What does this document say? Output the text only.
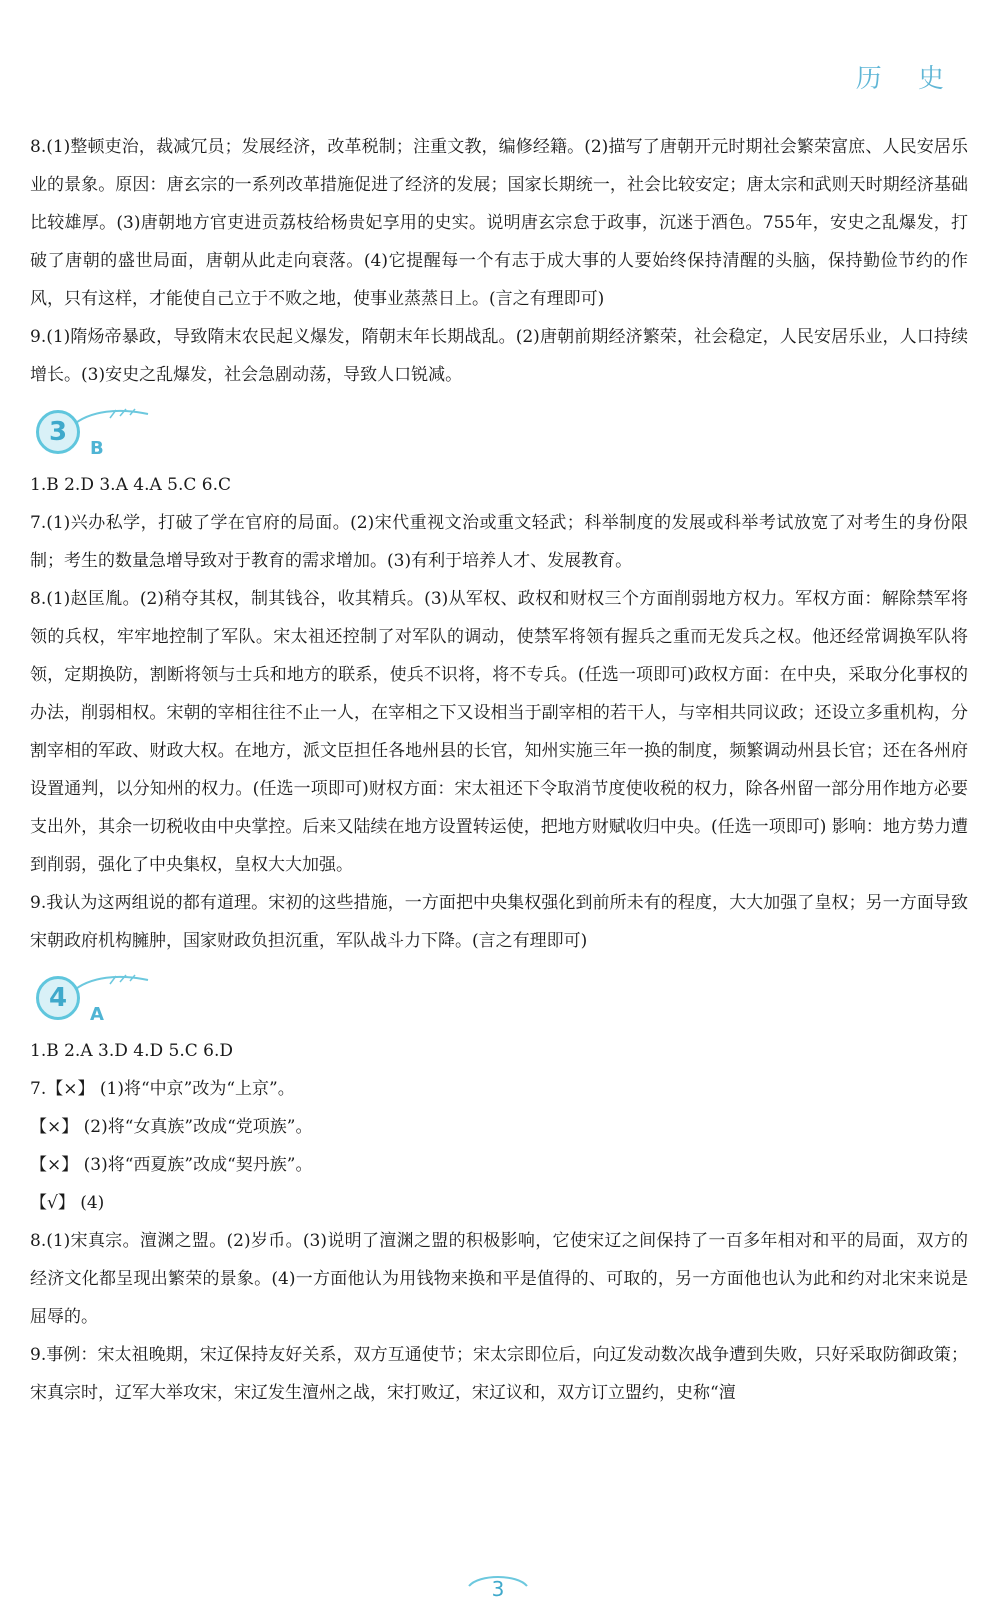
历 史

8.(1)整顿吏治，裁减冗员；发展经济，改革税制；注重文教，编修经籍。(2)描写了唐朝开元时期社会繁荣富庶、人民安居乐业的景象。原因：唐玄宗的一系列改革措施促进了经济的发展；国家长期统一，社会比较安定；唐太宗和武则天时期经济基础比较雄厚。(3)唐朝地方官吏进贡荔枝给杨贵妃享用的史实。说明唐玄宗怠于政事，沉迷于酒色。755年，安史之乱爆发，打破了唐朝的盛世局面，唐朝从此走向衰落。(4)它提醒每一个有志于成大事的人要始终保持清醒的头脑，保持勤俭节约的作风，只有这样，才能使自己立于不败之地，使事业蒸蒸日上。(言之有理即可)

9.(1)隋炀帝暴政，导致隋末农民起义爆发，隋朝末年长期战乱。(2)唐朝前期经济繁荣，社会稳定，人民安居乐业，人口持续增长。(3)安史之乱爆发，社会急剧动荡，导致人口锐减。

3
B

1.B 2.D 3.A 4.A 5.C 6.C

7.(1)兴办私学，打破了学在官府的局面。(2)宋代重视文治或重文轻武；科举制度的发展或科举考试放宽了对考生的身份限制；考生的数量急增导致对于教育的需求增加。(3)有利于培养人才、发展教育。

8.(1)赵匡胤。(2)稍夺其权，制其钱谷，收其精兵。(3)从军权、政权和财权三个方面削弱地方权力。军权方面：解除禁军将领的兵权，牢牢地控制了军队。宋太祖还控制了对军队的调动，使禁军将领有握兵之重而无发兵之权。他还经常调换军队将领，定期换防，割断将领与士兵和地方的联系，使兵不识将，将不专兵。(任选一项即可)政权方面：在中央，采取分化事权的办法，削弱相权。宋朝的宰相往往不止一人，在宰相之下又设相当于副宰相的若干人，与宰相共同议政；还设立多重机构，分割宰相的军政、财政大权。在地方，派文臣担任各地州县的长官，知州实施三年一换的制度，频繁调动州县长官；还在各州府设置通判，以分知州的权力。(任选一项即可)财权方面：宋太祖还下令取消节度使收税的权力，除各州留一部分用作地方必要支出外，其余一切税收由中央掌控。后来又陆续在地方设置转运使，把地方财赋收归中央。(任选一项即可) 影响：地方势力遭到削弱，强化了中央集权，皇权大大加强。

9.我认为这两组说的都有道理。宋初的这些措施，一方面把中央集权强化到前所未有的程度，大大加强了皇权；另一方面导致宋朝政府机构臃肿，国家财政负担沉重，军队战斗力下降。(言之有理即可)

4
A

1.B 2.A 3.D 4.D 5.C 6.D

7.【×】 (1)将“中京”改为“上京”。

【×】 (2)将“女真族”改成“党项族”。

【×】 (3)将“西夏族”改成“契丹族”。

【√】 (4)

8.(1)宋真宗。澶渊之盟。(2)岁币。(3)说明了澶渊之盟的积极影响，它使宋辽之间保持了一百多年相对和平的局面，双方的经济文化都呈现出繁荣的景象。(4)一方面他认为用钱物来换和平是值得的、可取的，另一方面他也认为此和约对北宋来说是屈辱的。

9.事例：宋太祖晚期，宋辽保持友好关系，双方互通使节；宋太宗即位后，向辽发动数次战争遭到失败，只好采取防御政策；宋真宗时，辽军大举攻宋，宋辽发生澶州之战，宋打败辽，宋辽议和，双方订立盟约，史称“澶

3
